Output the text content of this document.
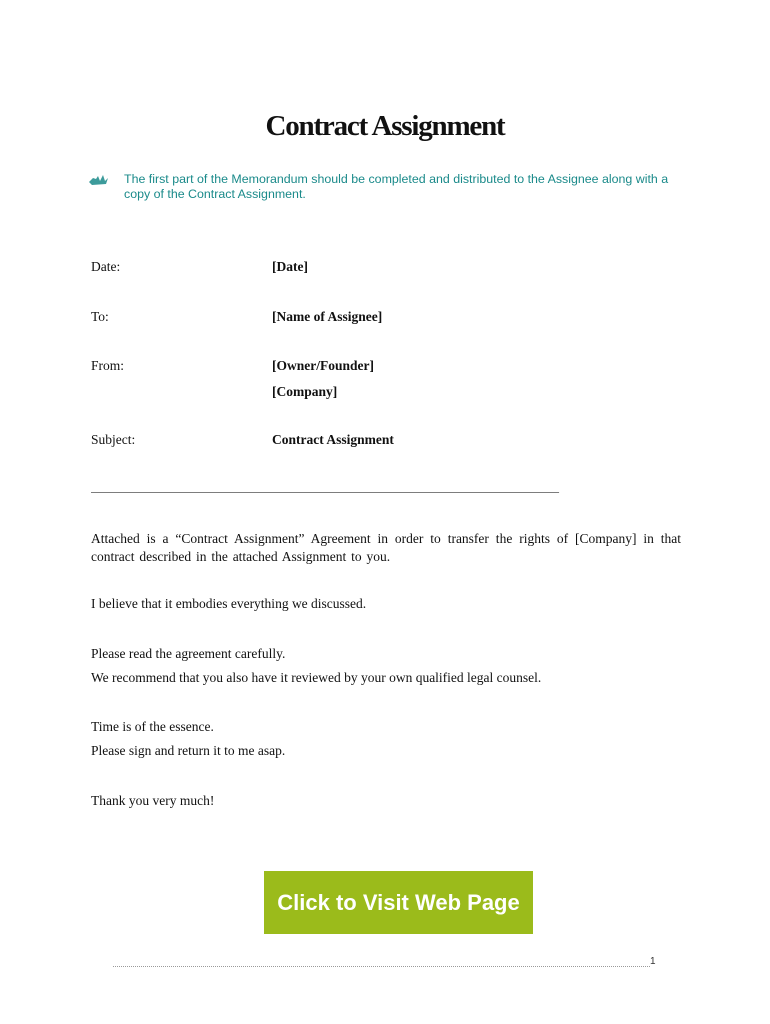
Contract Assignment
The first part of the Memorandum should be completed and distributed to the Assignee along with a copy of the Contract Assignment.
Date:	[Date]
To:	[Name of Assignee]
From:	[Owner/Founder]
[Company]
Subject:	Contract Assignment
———————————————————————————————————————
Attached is a “Contract Assignment” Agreement in order to transfer the rights of [Company] in that contract described in the attached Assignment to you.
I believe that it embodies everything we discussed.
Please read the agreement carefully.
We recommend that you also have it reviewed by your own qualified legal counsel.
Time is of the essence.
Please sign and return it to me asap.
Thank you very much!
Click to Visit Web Page
1
